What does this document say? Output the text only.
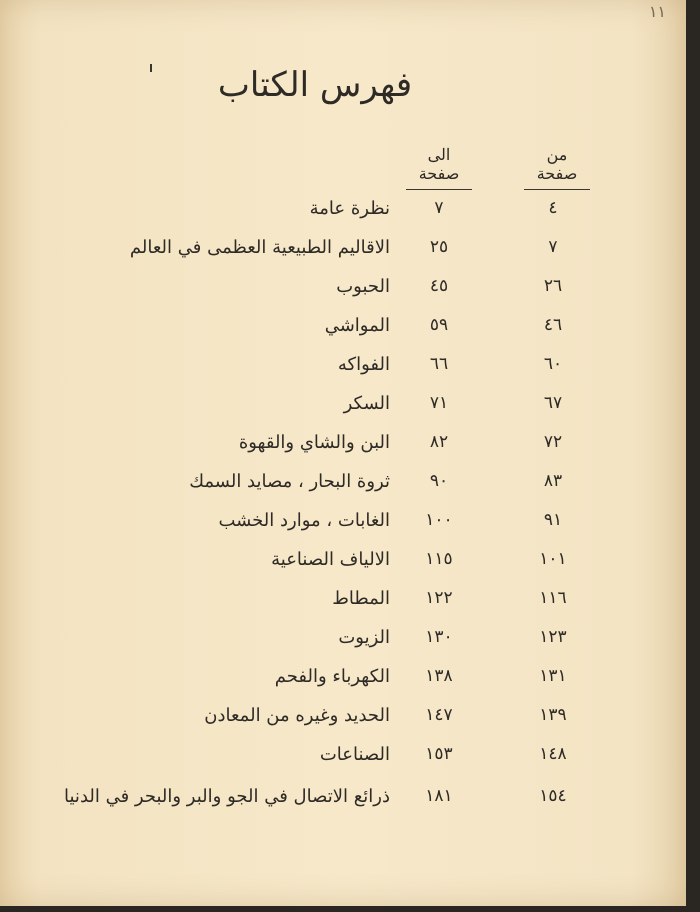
۱۱
فهرس الكتاب
من صفحة
الى صفحة
٤
٧
نظرة عامة
٧
٢٥
الاقاليم الطبيعية العظمى في العالم
٢٦
٤٥
الحبوب
٤٦
٥٩
المواشي
٦٠
٦٦
الفواكه
٦٧
٧١
السكر
٧٢
٨٢
البن والشاي والقهوة
٨٣
٩٠
ثروة البحار ، مصايد السمك
٩١
١٠٠
الغابات ، موارد الخشب
١٠١
١١٥
الالياف الصناعية
١١٦
١٢٢
المطاط
١٢٣
١٣٠
الزيوت
١٣١
١٣٨
الكهرباء والفحم
١٣٩
١٤٧
الحديد وغيره من المعادن
١٤٨
١٥٣
الصناعات
١٥٤
١٨١
ذرائع الاتصال في الجو والبر والبحر في الدنيا
